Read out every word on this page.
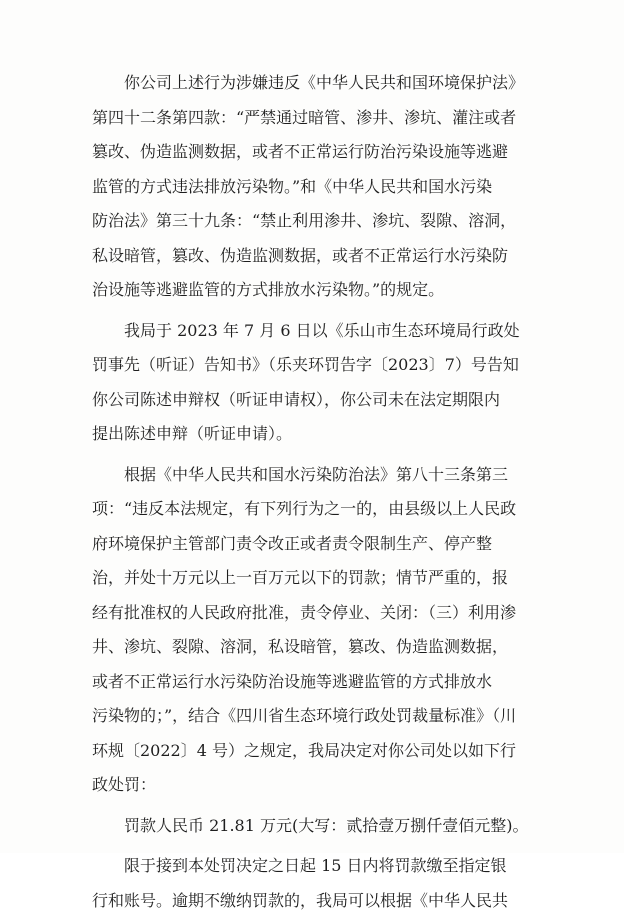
　　你公司上述行为涉嫌违反《中华人民共和国环境保护法》
第四十二条第四款：“严禁通过暗管、渗井、渗坑、灌注或者
篡改、伪造监测数据，或者不正常运行防治污染设施等逃避
监管的方式违法排放污染物。”和《中华人民共和国水污染
防治法》第三十九条：“禁止利用渗井、渗坑、裂隙、溶洞，
私设暗管，篡改、伪造监测数据，或者不正常运行水污染防
治设施等逃避监管的方式排放水污染物。”的规定。
　　我局于 2023 年 7 月 6 日以《乐山市生态环境局行政处
罚事先（听证）告知书》（乐夹环罚告字〔2023〕7）号告知
你公司陈述申辩权（听证申请权），你公司未在法定期限内
提出陈述申辩（听证申请）。
　　根据《中华人民共和国水污染防治法》第八十三条第三
项：“违反本法规定，有下列行为之一的，由县级以上人民政
府环境保护主管部门责令改正或者责令限制生产、停产整
治，并处十万元以上一百万元以下的罚款；情节严重的，报
经有批准权的人民政府批准，责令停业、关闭：（三）利用渗
井、渗坑、裂隙、溶洞，私设暗管，篡改、伪造监测数据，
或者不正常运行水污染防治设施等逃避监管的方式排放水
污染物的；”，结合《四川省生态环境行政处罚裁量标准》（川
环规〔2022〕4 号）之规定，我局决定对你公司处以如下行
政处罚：
　　罚款人民币 21.81 万元(大写：贰拾壹万捌仟壹佰元整)。
　　限于接到本处罚决定之日起 15 日内将罚款缴至指定银
行和账号。逾期不缴纳罚款的，我局可以根据《中华人民共
